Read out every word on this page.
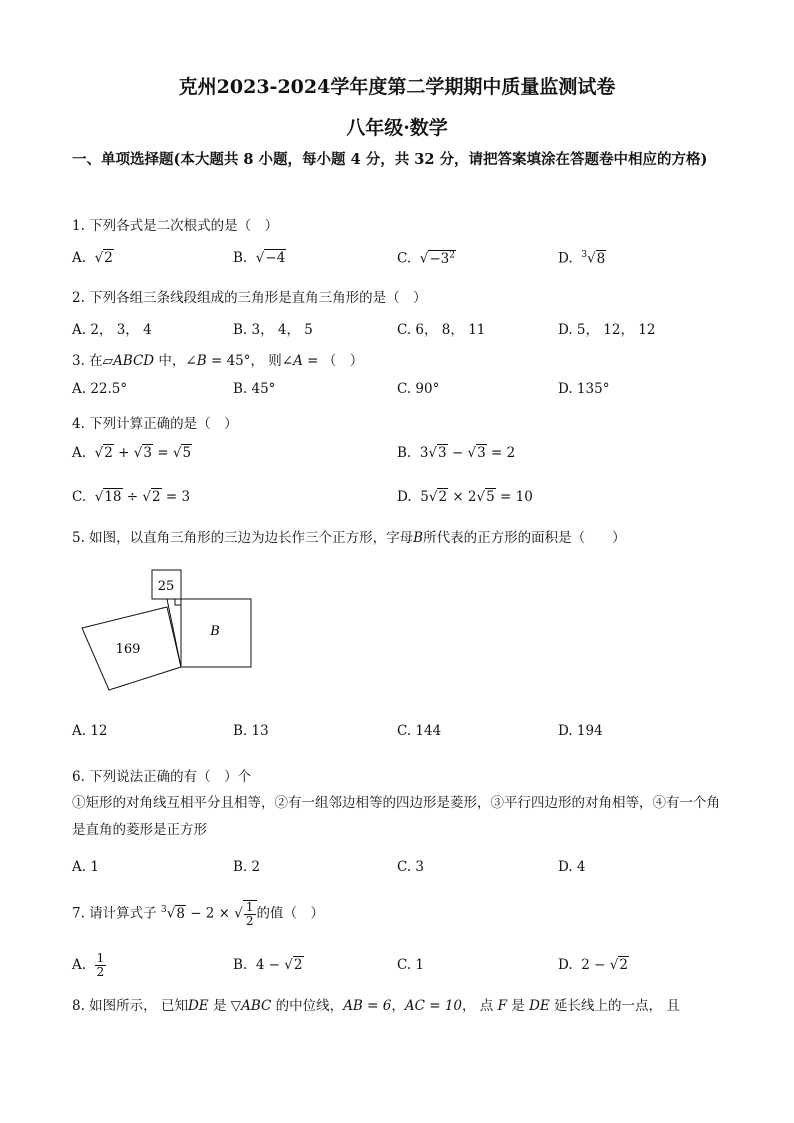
克州2023-2024学年度第二学期期中质量监测试卷
八年级·数学
一、单项选择题(本大题共 8 小题，每小题 4 分，共 32 分，请把答案填涂在答题卷中相应的方格)
1. 下列各式是二次根式的是（　）
A.  √2	B.  √−4	C.  $√-3^2$	D. $^3$√8
2. 下列各组三条线段组成的三角形是直角三角形的是（　）
A. 2， 3， 4	B. 3， 4， 5	C. 6， 8， 11	D. 5， 12， 12
3. 在▱ABCD 中，∠B = 45°， 则∠A = （　）
A. 22.5°	B. 45°	C. 90°	D. 135°
4. 下列计算正确的是（　）
A.  √2 + √3 = √5	B. 3√3 − √3 = 2
C.  √18 ÷ √2 = 3	D. 5√2 × 2√5 = 10
5. 如图，以直角三角形的三边为边长作三个正方形，字母B所代表的正方形的面积是（　　）
25
169
B
A. 12	B. 13	C. 144	D. 194
6. 下列说法正确的有（　）个
①矩形的对角线互相平分且相等，②有一组邻边相等的四边形是菱形，③平行四边形的对角相等，④有一个角是直角的菱形是正方形
A. 1	B. 2	C. 3	D. 4
7. 请计算式子 $^3$√8 − 2 × √ $\frac{1}{2}$ 的值（　）
A. $\frac{1}{2}$	B. 4 − √2	C. 1	D. 2 − √2
8. 如图所示， 已知DE 是 ▽ABC 的中位线，AB = 6，AC = 10， 点 F 是 DE 延长线上的一点， 且
